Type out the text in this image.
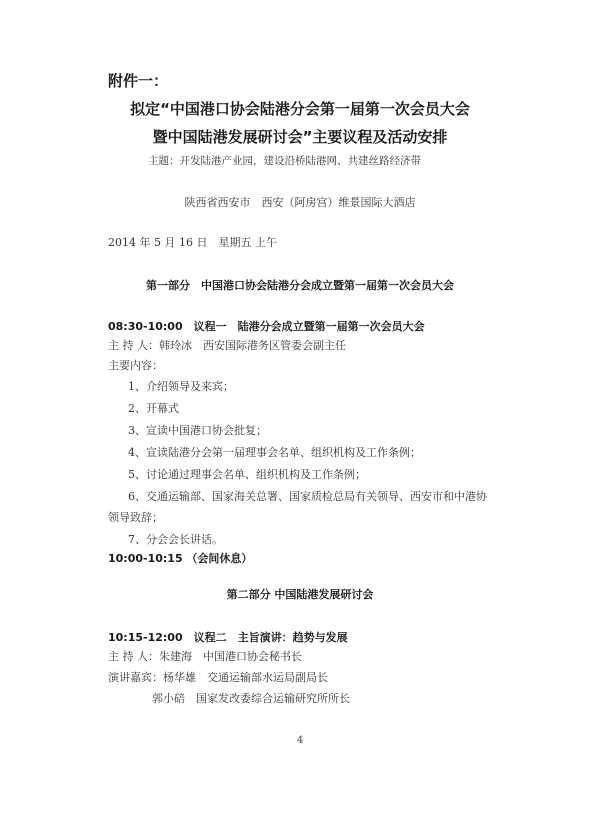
附件一：
拟定“中国港口协会陆港分会第一届第一次会员大会
暨中国陆港发展研讨会”主要议程及活动安排
主题：开发陆港产业园，建设沿桥陆港网、共建丝路经济带
陕西省西安市　西安（阿房宫）维景国际大酒店
2014 年 5 月 16 日　星期五 上午
第一部分　中国港口协会陆港分会成立暨第一届第一次会员大会
08:30-10:00　议程一　陆港分会成立暨第一届第一次会员大会
主 持 人：韩玲冰　西安国际港务区管委会副主任
主要内容：
1、介绍领导及来宾；
2、开幕式
3、宣读中国港口协会批复；
4、宣读陆港分会第一届理事会名单、组织机构及工作条例；
5、讨论通过理事会名单、组织机构及工作条例；
6、交通运输部、国家海关总署、国家质检总局有关领导、西安市和中港协
领导致辞；
7、分会会长讲话。
10:00-10:15 （会间休息）
第二部分 中国陆港发展研讨会
10:15-12:00　议程二　主旨演讲：趋势与发展
主 持 人：朱建海　中国港口协会秘书长
演讲嘉宾：杨华雄　交通运输部水运局副局长
郭小碚　国家发改委综合运输研究所所长
4
